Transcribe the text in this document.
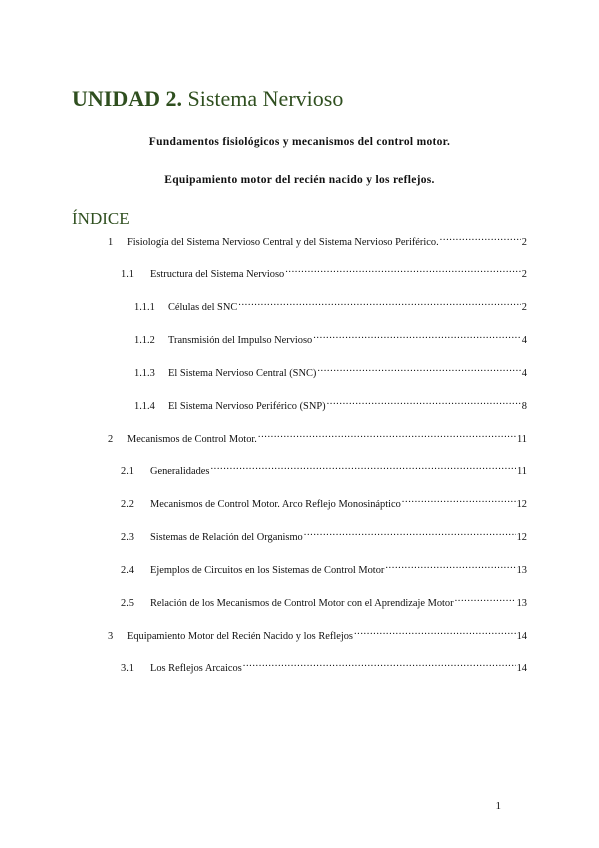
UNIDAD 2. Sistema Nervioso
Fundamentos fisiológicos y mecanismos del control motor.
Equipamiento motor del recién nacido y los reflejos.
ÍNDICE
1	Fisiología del Sistema Nervioso Central y del Sistema Nervioso Periférico. .....	2
1.1	Estructura del Sistema Nervioso .....	2
1.1.1	Células del SNC .....	2
1.1.2	Transmisión del Impulso Nervioso .....	4
1.1.3	El Sistema Nervioso Central (SNC) .....	4
1.1.4	El Sistema Nervioso Periférico (SNP) .....	8
2	Mecanismos de Control Motor. .....	11
2.1	Generalidades .....	11
2.2	Mecanismos de Control Motor. Arco Reflejo Monosináptico .....	12
2.3	Sistemas de Relación del Organismo .....	12
2.4	Ejemplos de Circuitos en los Sistemas de Control Motor .....	13
2.5	Relación de los Mecanismos de Control Motor con el Aprendizaje Motor .....	13
3	Equipamiento Motor del Recién Nacido y los Reflejos .....	14
3.1	Los Reflejos Arcaicos .....	14
1
